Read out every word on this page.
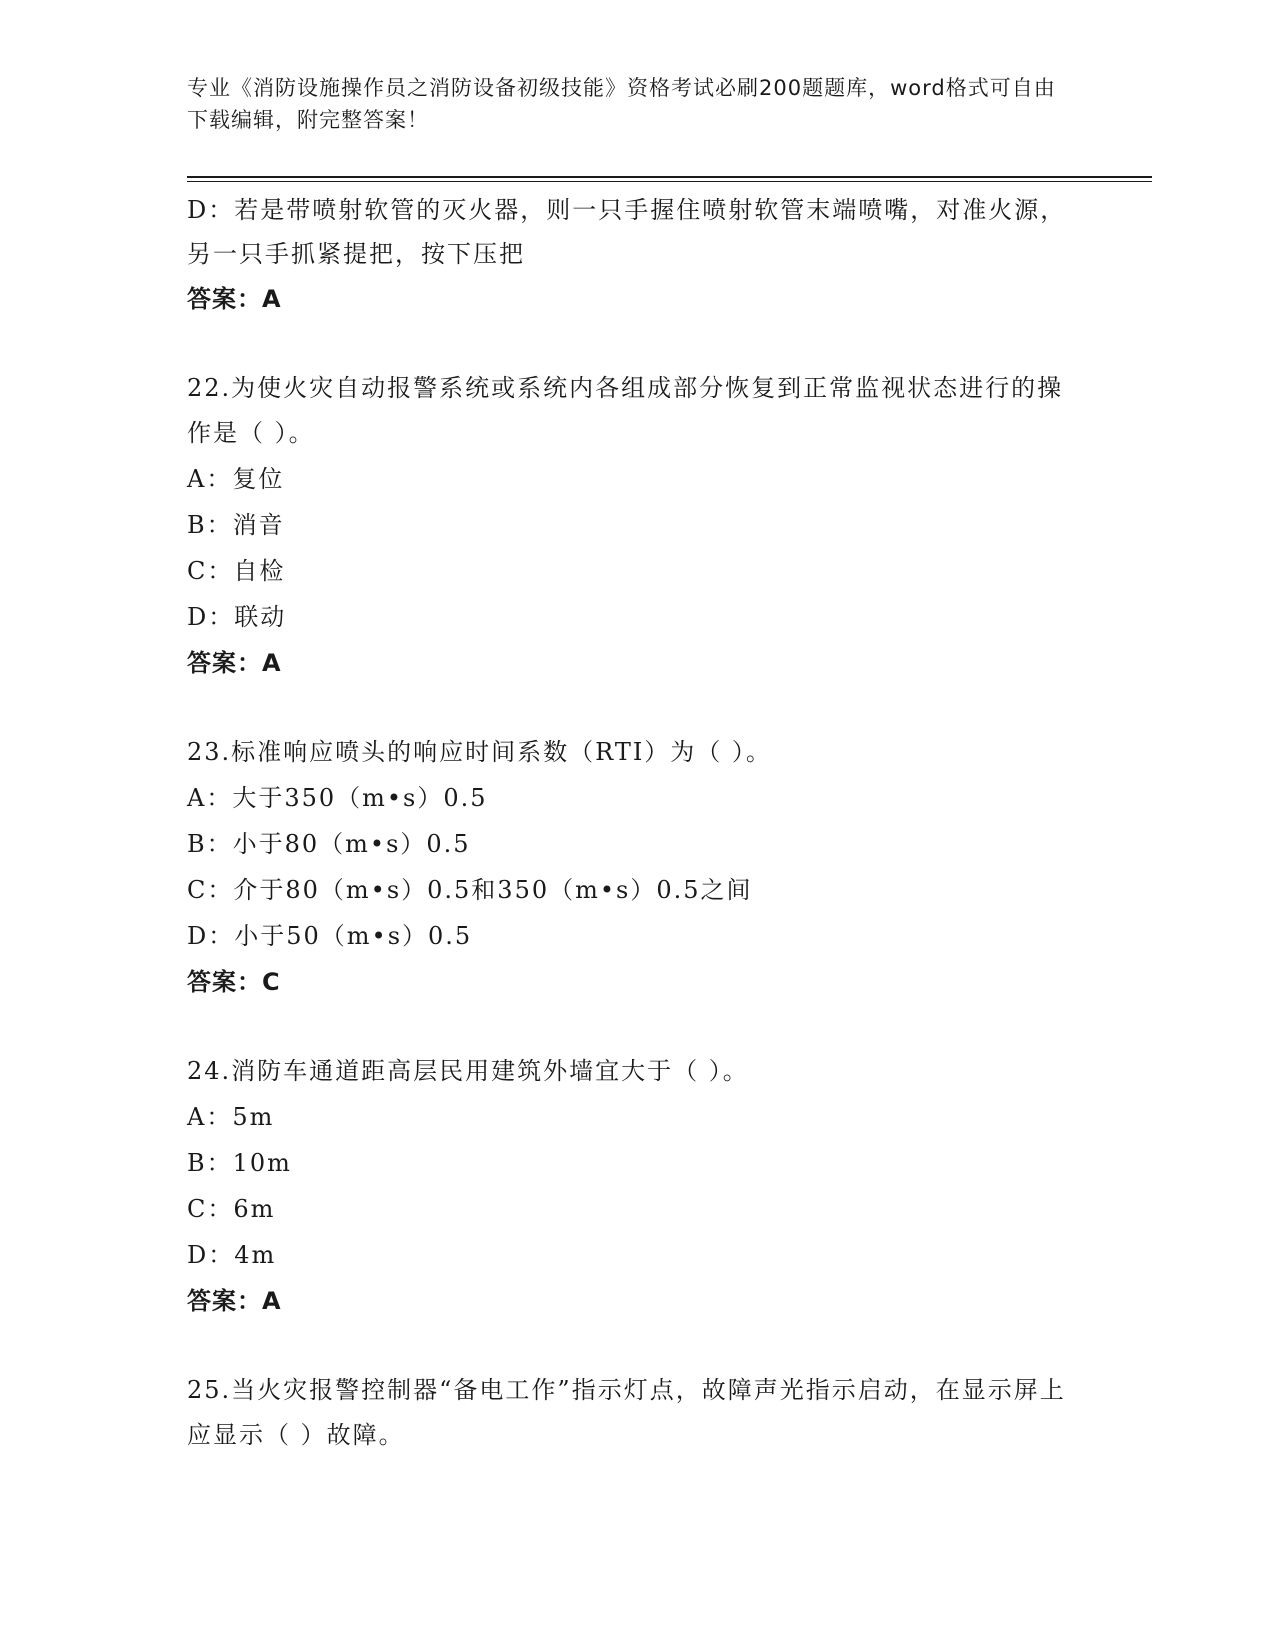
专业《消防设施操作员之消防设备初级技能》资格考试必刷200题题库，word格式可自由下载编辑，附完整答案！

D：若是带喷射软管的灭火器，则一只手握住喷射软管末端喷嘴，对准火源，另一只手抓紧提把，按下压把

答案：A

22.为使火灾自动报警系统或系统内各组成部分恢复到正常监视状态进行的操作是（ ）。

A：复位

B：消音

C：自检

D：联动

答案：A

23.标准响应喷头的响应时间系数（RTI）为（ ）。

A：大于350（m•s）0.5

B：小于80（m•s）0.5

C：介于80（m•s）0.5和350（m•s）0.5之间

D：小于50（m•s）0.5

答案：C

24.消防车通道距高层民用建筑外墙宜大于（ ）。

A：5m

B：10m

C：6m

D：4m

答案：A

25.当火灾报警控制器“备电工作”指示灯点，故障声光指示启动，在显示屏上应显示（ ）故障。
